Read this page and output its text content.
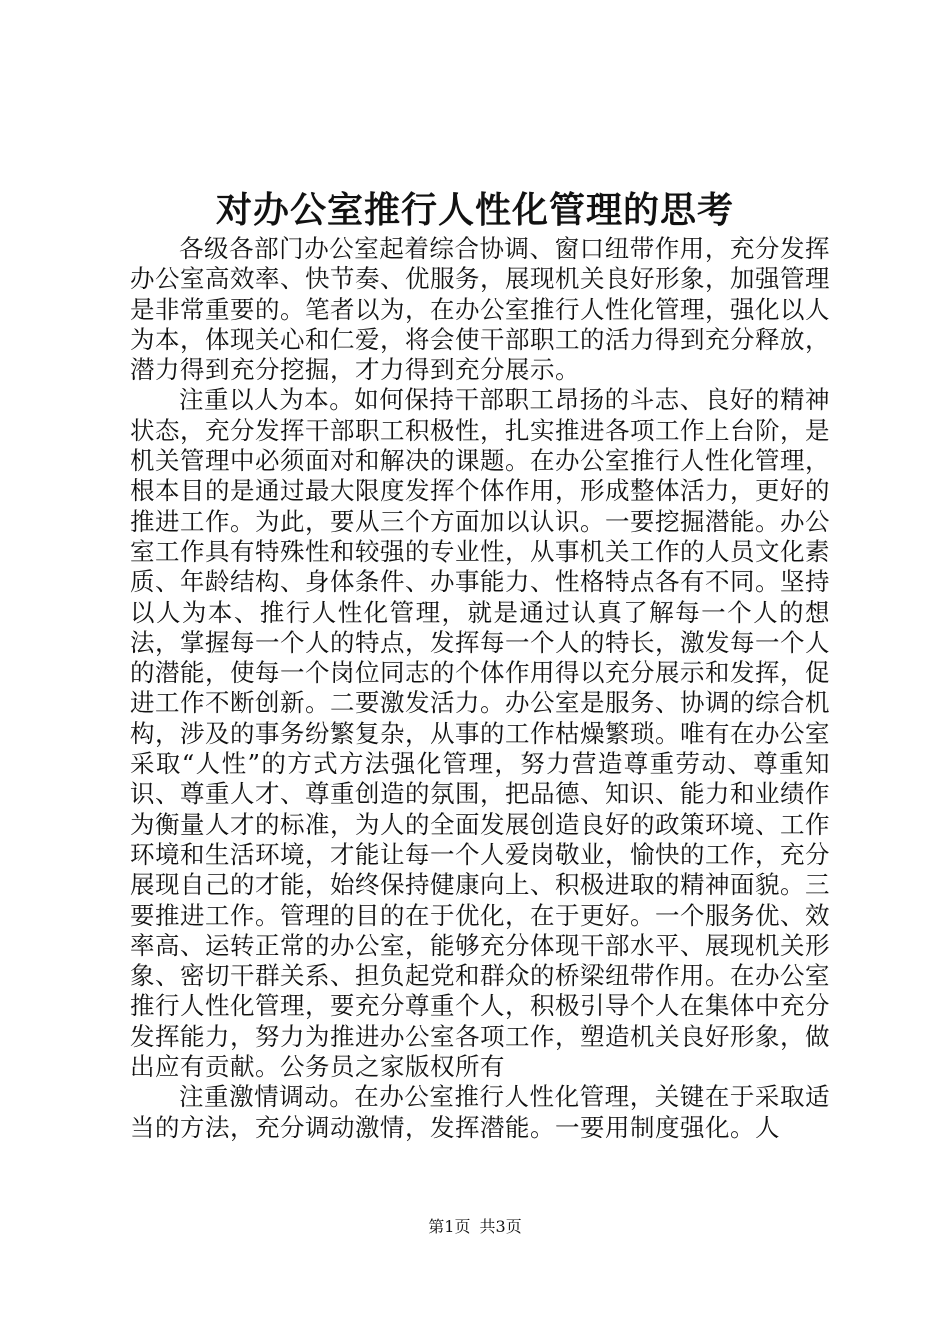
对办公室推行人性化管理的思考

各级各部门办公室起着综合协调、窗口纽带作用，充分发挥办公室高效率、快节奏、优服务，展现机关良好形象，加强管理是非常重要的。笔者以为，在办公室推行人性化管理，强化以人为本，体现关心和仁爱，将会使干部职工的活力得到充分释放，潜力得到充分挖掘，才力得到充分展示。

注重以人为本。如何保持干部职工昂扬的斗志、良好的精神状态，充分发挥干部职工积极性，扎实推进各项工作上台阶，是机关管理中必须面对和解决的课题。在办公室推行人性化管理，根本目的是通过最大限度发挥个体作用，形成整体活力，更好的推进工作。为此，要从三个方面加以认识。一要挖掘潜能。办公室工作具有特殊性和较强的专业性，从事机关工作的人员文化素质、年龄结构、身体条件、办事能力、性格特点各有不同。坚持以人为本、推行人性化管理，就是通过认真了解每一个人的想法，掌握每一个人的特点，发挥每一个人的特长，激发每一个人的潜能，使每一个岗位同志的个体作用得以充分展示和发挥，促进工作不断创新。二要激发活力。办公室是服务、协调的综合机构，涉及的事务纷繁复杂，从事的工作枯燥繁琐。唯有在办公室采取“人性”的方式方法强化管理，努力营造尊重劳动、尊重知识、尊重人才、尊重创造的氛围，把品德、知识、能力和业绩作为衡量人才的标准，为人的全面发展创造良好的政策环境、工作环境和生活环境，才能让每一个人爱岗敬业，愉快的工作，充分展现自己的才能，始终保持健康向上、积极进取的精神面貌。三要推进工作。管理的目的在于优化，在于更好。一个服务优、效率高、运转正常的办公室，能够充分体现干部水平、展现机关形象、密切干群关系、担负起党和群众的桥梁纽带作用。在办公室推行人性化管理，要充分尊重个人，积极引导个人在集体中充分发挥能力，努力为推进办公室各项工作，塑造机关良好形象，做出应有贡献。公务员之家版权所有

注重激情调动。在办公室推行人性化管理，关键在于采取适当的方法，充分调动激情，发挥潜能。一要用制度强化。人

第1页 共3页
